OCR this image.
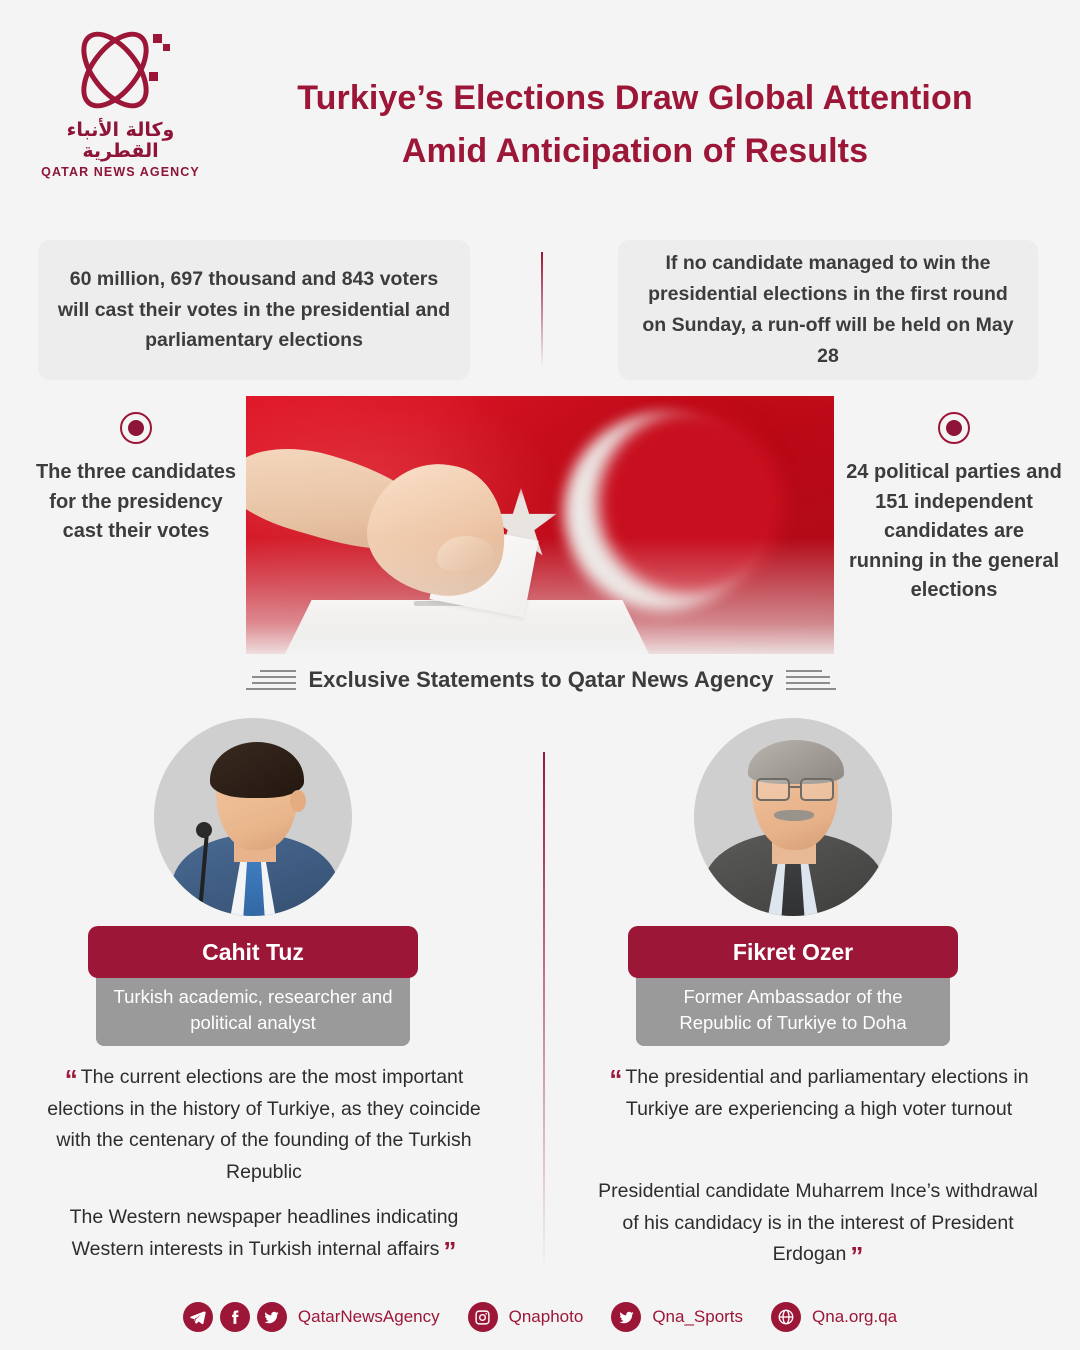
وكالة الأنباء القطرية
QATAR NEWS AGENCY
Turkiye’s Elections Draw Global Attention
Amid Anticipation of Results

60 million, 697 thousand and 843 voters will cast their votes in the presidential and parliamentary elections

If no candidate managed to win the presidential elections in the first round on Sunday, a run-off will be held on May 28

The three candidates for the presidency cast their votes
24 political parties and 151 independent candidates are running in the general elections
Exclusive Statements to Qatar News Agency
Cahit Tuz
Turkish academic, researcher and political analyst
Fikret Ozer
Former Ambassador of the Republic of Turkiye to Doha
“ The current elections are the most important elections in the history of Turkiye, as they coincide with the centenary of the founding of the Turkish Republic
The Western newspaper headlines indicating Western interests in Turkish internal affairs ”
“ The presidential and parliamentary elections in Turkiye are experiencing a high voter turnout
Presidential candidate Muharrem Ince’s withdrawal of his candidacy is in the interest of President Erdogan ”
QatarNewsAgency	Qnaphoto	Qna_Sports	Qna.org.qa
